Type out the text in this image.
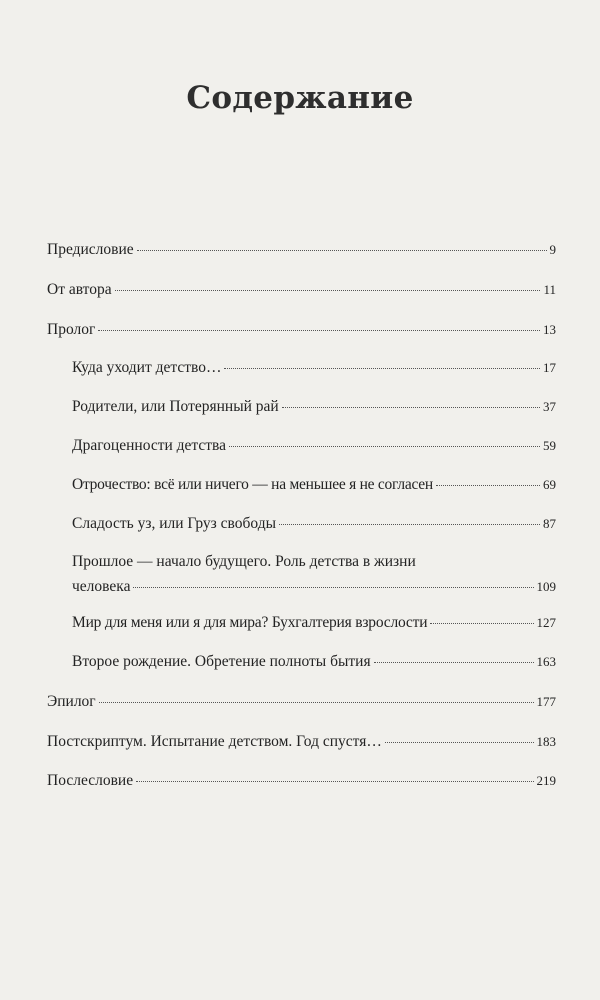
Содержание
Предисловие	9
От автора	11
Пролог	13
Куда уходит детство…	17
Родители, или Потерянный рай	37
Драгоценности детства	59
Отрочество: всё или ничего — на меньшее я не согласен	69
Сладость уз, или Груз свободы	87
Прошлое — начало будущего. Роль детства в жизни
человека	109
Мир для меня или я для мира? Бухгалтерия взрослости	127
Второе рождение. Обретение полноты бытия	163
Эпилог	177
Постскриптум. Испытание детством. Год спустя…	183
Послесловие	219
